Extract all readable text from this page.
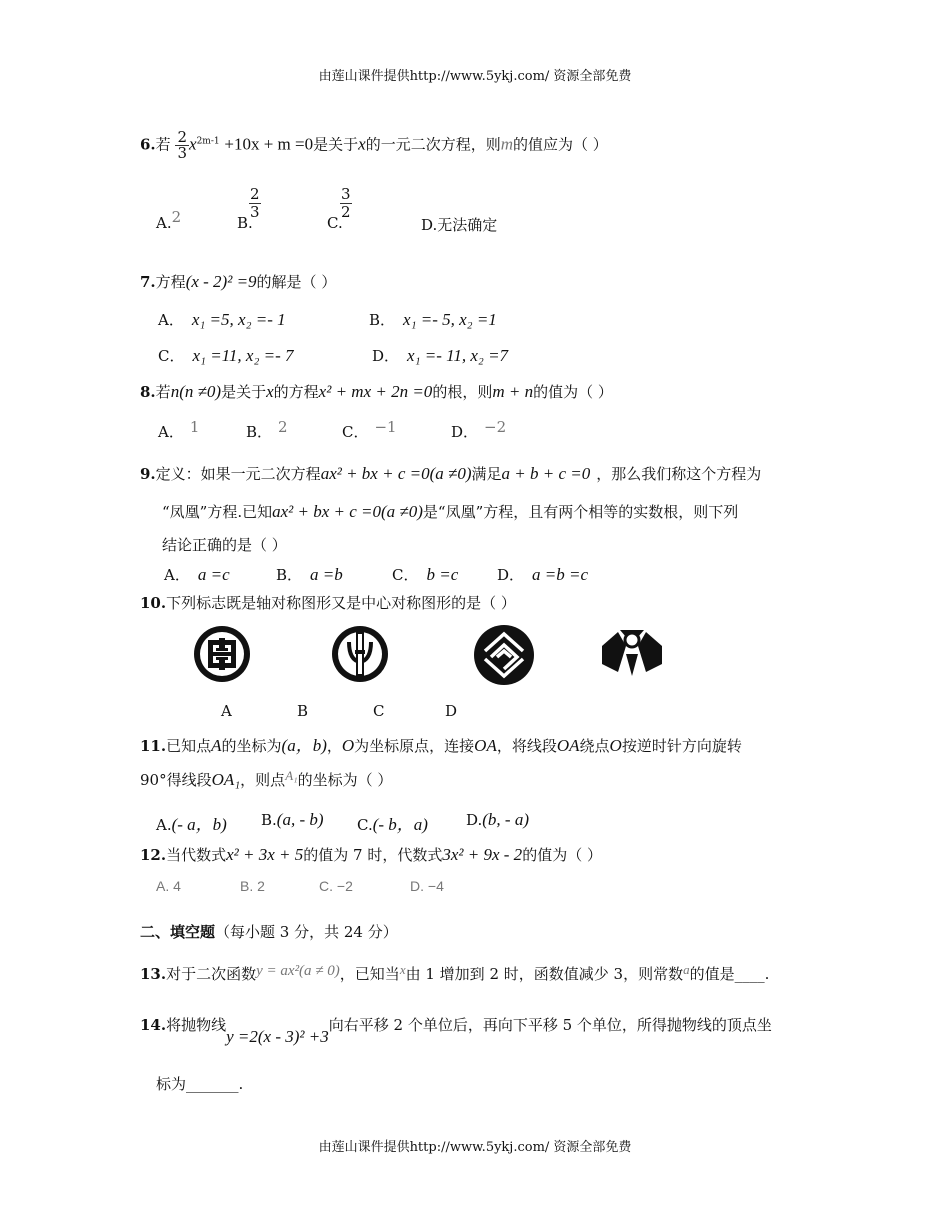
由莲山课件提供http://www.5ykj.com/ 资源全部免费
6.若 $\frac{2}{3} x^{2m-1} +10x + m =0$是关于x的一元二次方程，则m的值应为（ ）
A.2	B.
$\frac{2}{3}$
C.
$\frac{3}{2}$
D.无法确定
7.方程(x - 2)² =9的解是（ ）
A． x₁ =5, x₂ =- 1	B． x₁ =- 5, x₂ =1
C． x₁ =11, x₂ =- 7	D． x₁ =- 11, x₂ =7
8.若n(n ≠0)是关于x的方程x² + mx + 2n =0的根，则m + n的值为（ ）
A． 1	B． 2	C． −1	D． −2
9.定义：如果一元二次方程ax² + bx + c =0(a ≠0)满足a + b + c =0 ，那么我们称这个方程为
“凤凰”方程.已知ax² + bx + c =0(a ≠0)是“凤凰”方程，且有两个相等的实数根，则下列
结论正确的是（ ）
A． a =c	B． a =b	C． b =c	D． a =b =c
10.下列标志既是轴对称图形又是中心对称图形的是（ ）
A	B	C	D
11.已知点A的坐标为(a，b)，O为坐标原点，连接OA，将线段OA绕点O按逆时针方向旋转
90°得线段OA₁，则点A₁的坐标为（ ）
A.(- a，b) B.(a, - b) C.(- b，a)	D.(b, - a)
12.当代数式x² + 3x + 5的值为 7 时，代数式3x² + 9x - 2的值为（ ）
A. 4	B. 2	C. −2	D. −4
二、填空题（每小题 3 分，共 24 分）
13.对于二次函数y = ax²(a ≠ 0)，已知当x由 1 增加到 2 时，函数值减少 3，则常数a的值是____.
14.将抛物线y =2(x - 3)² +3向右平移 2 个单位后，再向下平移 5 个单位，所得抛物线的顶点坐
标为_______.
由莲山课件提供http://www.5ykj.com/ 资源全部免费
